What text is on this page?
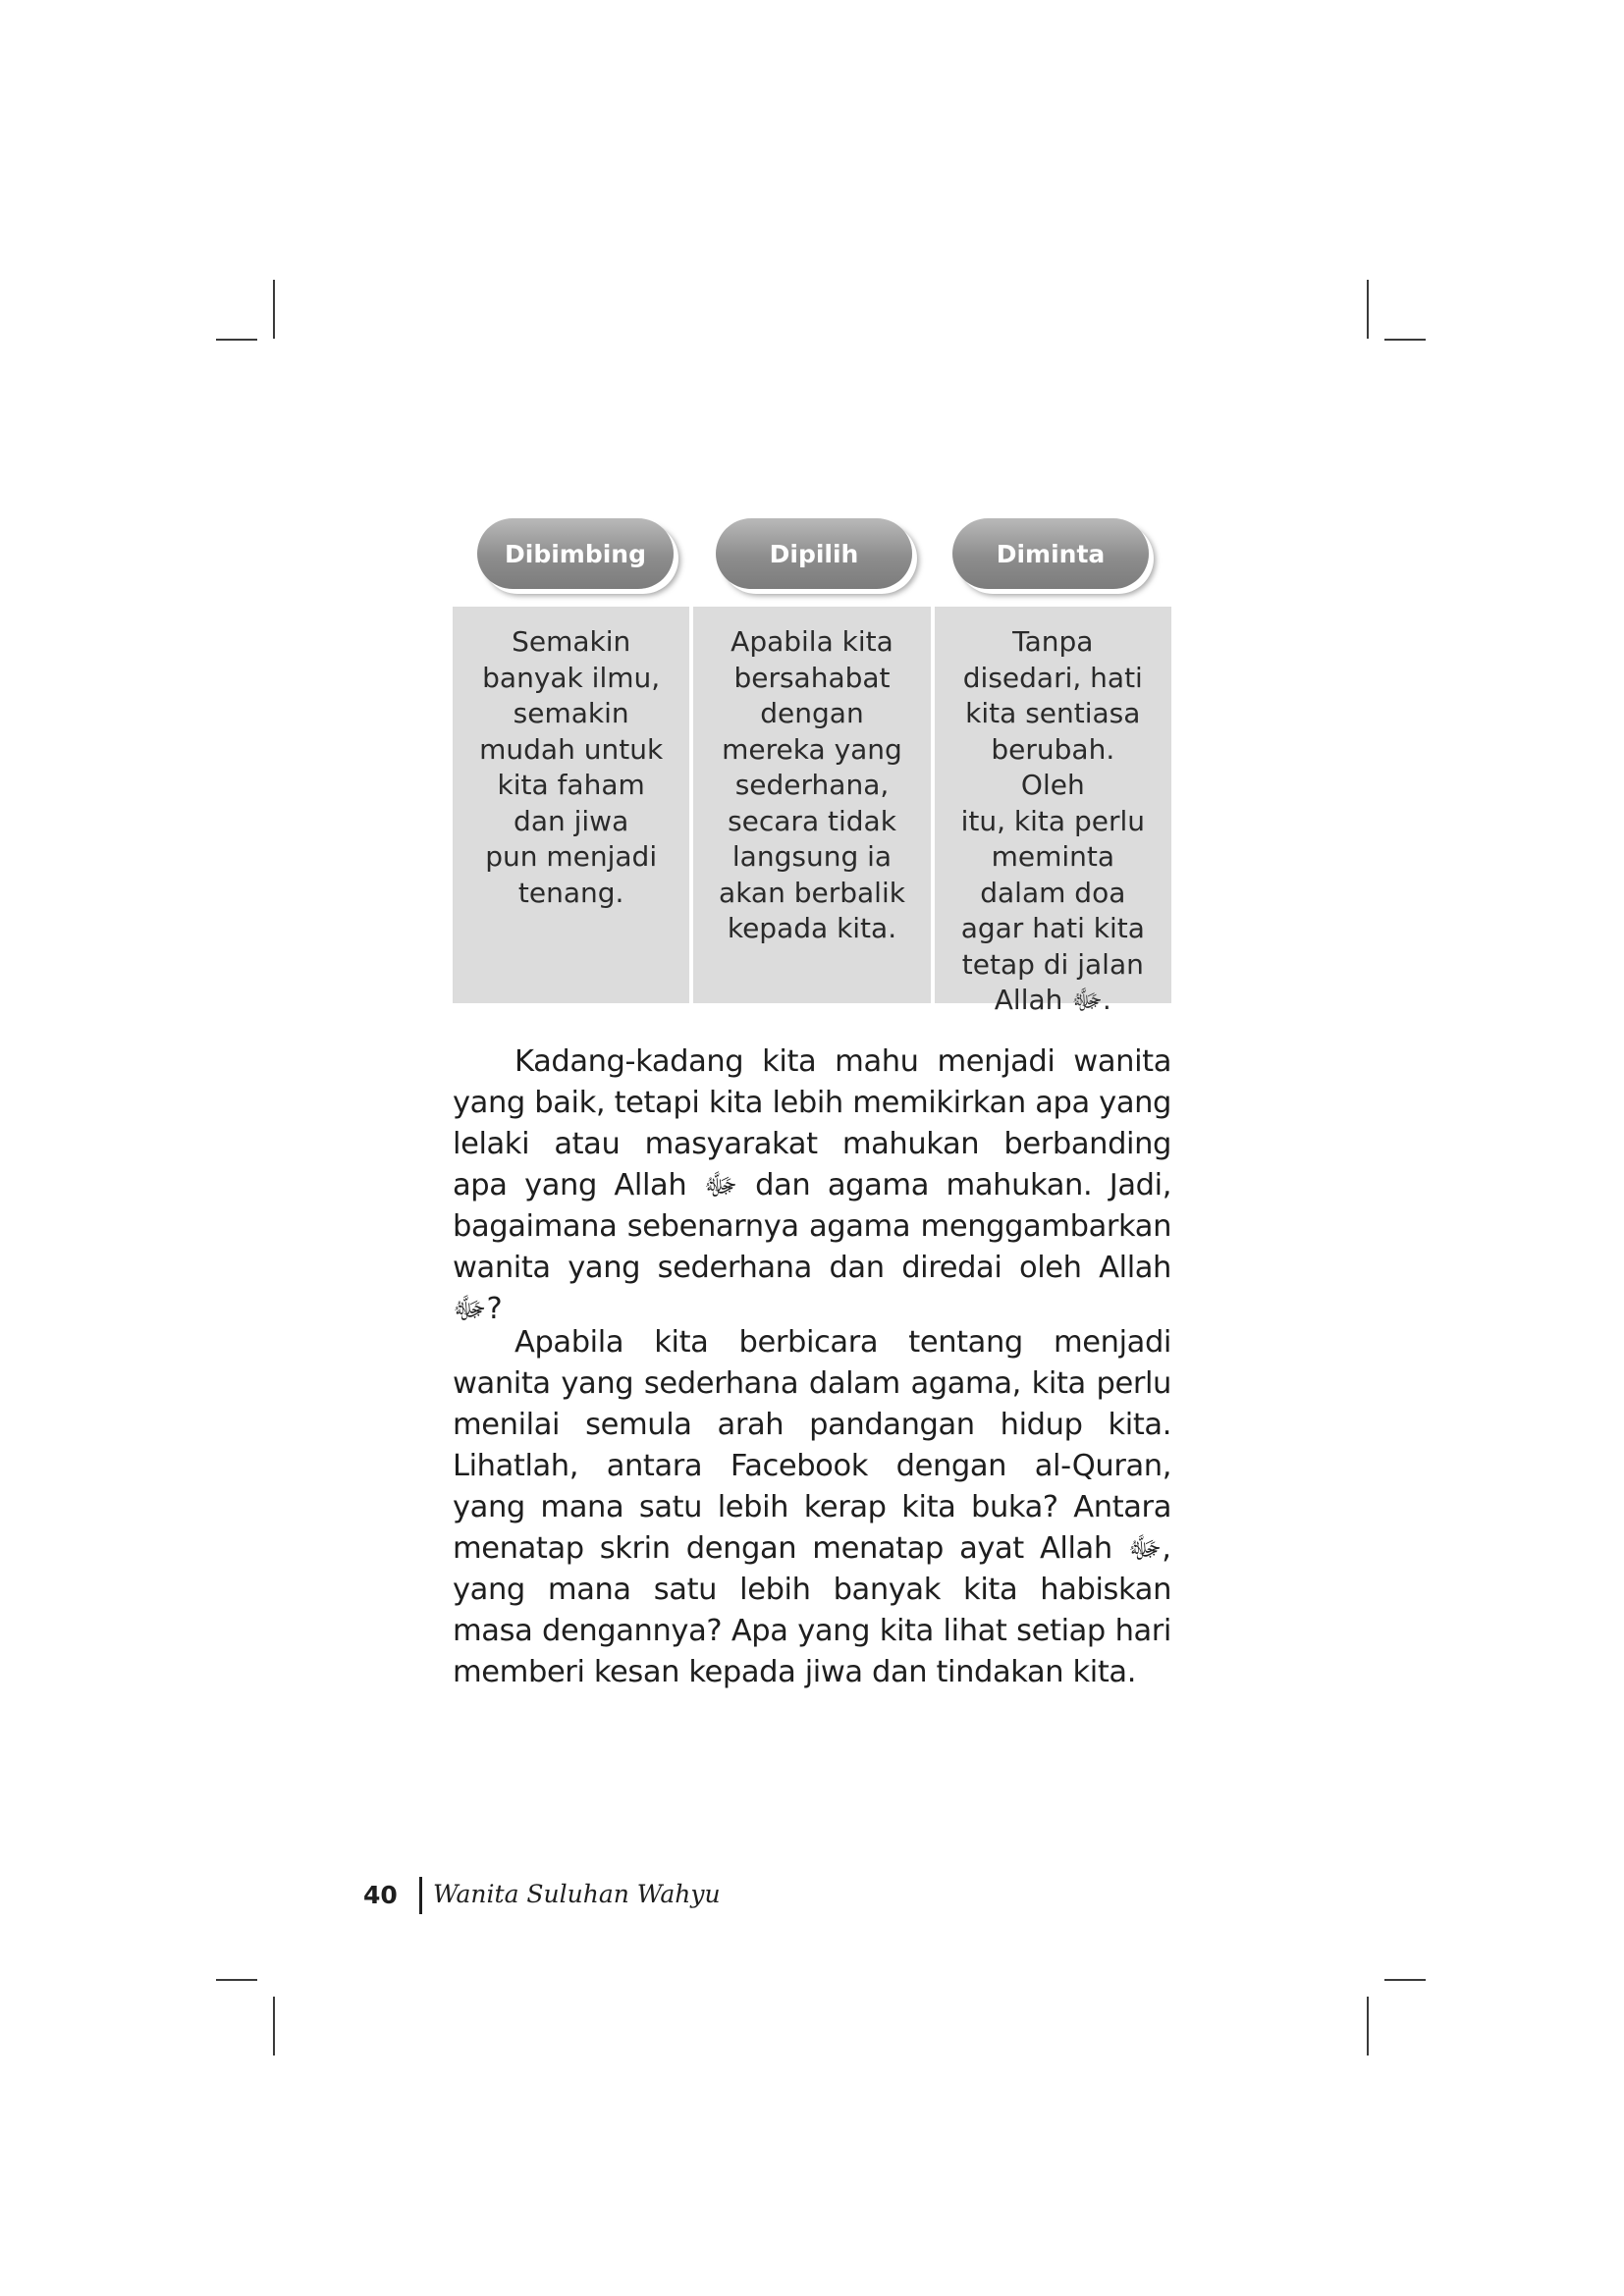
Dibimbing	Dipilih	Diminta

Semakin
banyak ilmu,
semakin
mudah untuk
kita faham
dan jiwa
pun menjadi
tenang.

Apabila kita
bersahabat
dengan
mereka yang
sederhana,
secara tidak
langsung ia
akan berbalik
kepada kita.

Tanpa
disedari, hati
kita sentiasa
berubah. Oleh
itu, kita perlu
meminta
dalam doa
agar hati kita
tetap di jalan
Allah ﷻ.

Kadang-kadang kita mahu menjadi wanita yang baik, tetapi kita lebih memikirkan apa yang lelaki atau masyarakat mahukan berbanding apa yang Allah ﷻ dan agama mahukan. Jadi, bagaimana sebenarnya agama menggambarkan wanita yang sederhana dan diredai oleh Allah ﷻ?

Apabila kita berbicara tentang menjadi wanita yang sederhana dalam agama, kita perlu menilai semula arah pandangan hidup kita. Lihatlah, antara Facebook dengan al-Quran, yang mana satu lebih kerap kita buka? Antara menatap skrin dengan menatap ayat Allah ﷻ, yang mana satu lebih banyak kita habiskan masa dengannya? Apa yang kita lihat setiap hari memberi kesan kepada jiwa dan tindakan kita.

40 Wanita Suluhan Wahyu
